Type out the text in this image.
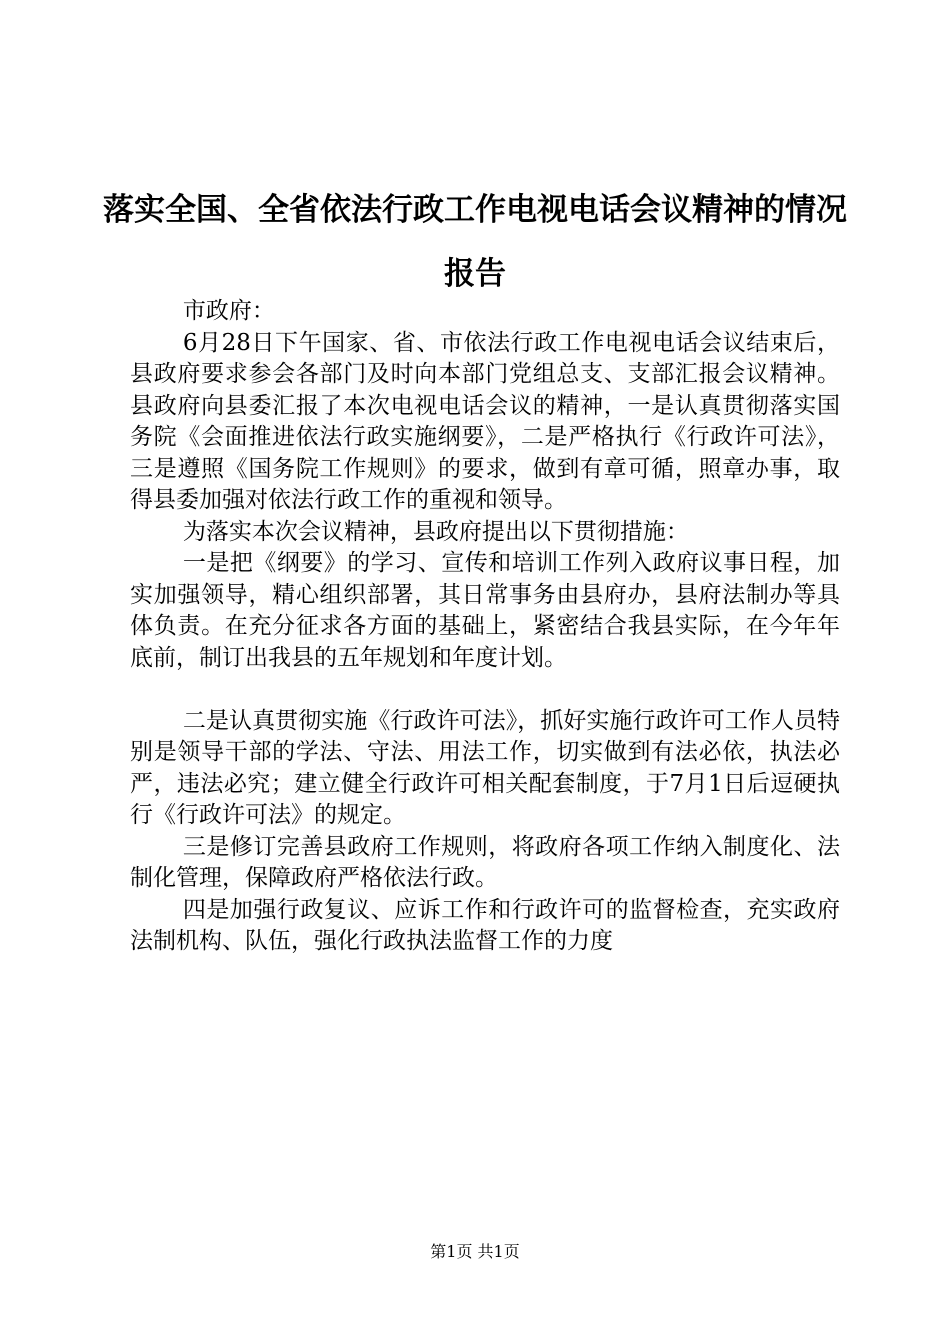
落实全国、全省依法行政工作电视电话会议精神的情况报告

市政府：

6月28日下午国家、省、市依法行政工作电视电话会议结束后，县政府要求参会各部门及时向本部门党组总支、支部汇报会议精神。县政府向县委汇报了本次电视电话会议的精神，一是认真贯彻落实国务院《会面推进依法行政实施纲要》，二是严格执行《行政许可法》，三是遵照《国务院工作规则》的要求，做到有章可循，照章办事，取得县委加强对依法行政工作的重视和领导。

为落实本次会议精神，县政府提出以下贯彻措施：

一是把《纲要》的学习、宣传和培训工作列入政府议事日程，加实加强领导，精心组织部署，其日常事务由县府办，县府法制办等具体负责。在充分征求各方面的基础上，紧密结合我县实际，在今年年底前，制订出我县的五年规划和年度计划。

二是认真贯彻实施《行政许可法》，抓好实施行政许可工作人员特别是领导干部的学法、守法、用法工作，切实做到有法必依，执法必严，违法必究；建立健全行政许可相关配套制度，于7月1日后逗硬执行《行政许可法》的规定。

三是修订完善县政府工作规则，将政府各项工作纳入制度化、法制化管理，保障政府严格依法行政。

四是加强行政复议、应诉工作和行政许可的监督检查，充实政府法制机构、队伍，强化行政执法监督工作的力度

第1页 共1页
